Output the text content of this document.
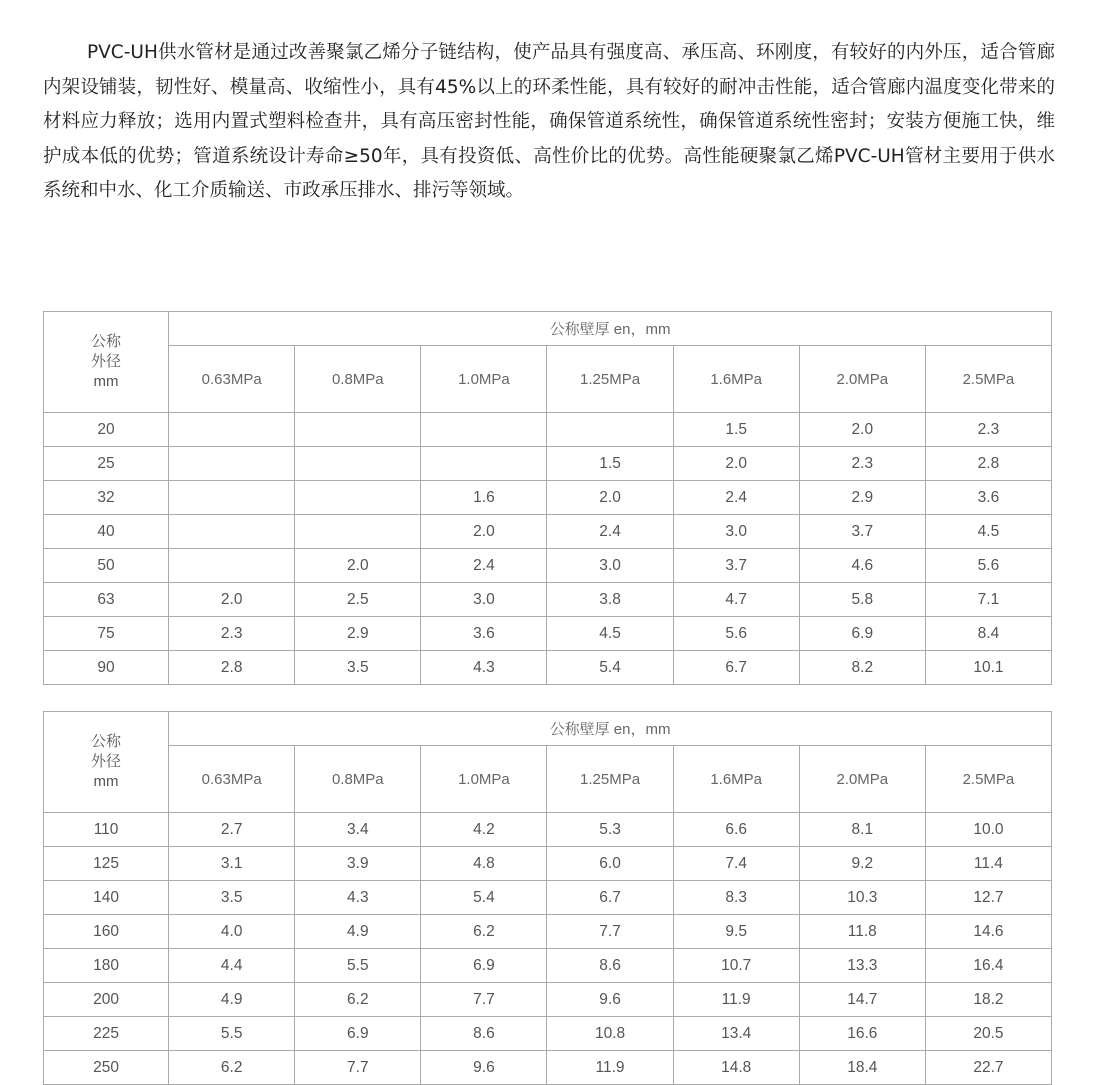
PVC-UH供水管材是通过改善聚氯乙烯分子链结构，使产品具有强度高、承压高、环刚度，有较好的内外压，适合管廊内架设铺装，韧性好、模量高、收缩性小，具有45%以上的环柔性能，具有较好的耐冲击性能，适合管廊内温度变化带来的材料应力释放；选用内置式塑料检查井，具有高压密封性能，确保管道系统性，确保管道系统性密封；安装方便施工快，维护成本低的优势；管道系统设计寿命≥50年，具有投资低、高性价比的优势。高性能硬聚氯乙烯PVC-UH管材主要用于供水系统和中水、化工介质输送、市政承压排水、排污等领域。

公称
外径
mm	公称壁厚 en，mm						
	0.63MPa	0.8MPa	1.0MPa	1.25MPa	1.6MPa	2.0MPa	2.5MPa
20					1.5	2.0	2.3
25				1.5	2.0	2.3	2.8
32			1.6	2.0	2.4	2.9	3.6
40			2.0	2.4	3.0	3.7	4.5
50		2.0	2.4	3.0	3.7	4.6	5.6
63	2.0	2.5	3.0	3.8	4.7	5.8	7.1
75	2.3	2.9	3.6	4.5	5.6	6.9	8.4
90	2.8	3.5	4.3	5.4	6.7	8.2	10.1
公称
外径
mm	公称壁厚 en，mm						
	0.63MPa	0.8MPa	1.0MPa	1.25MPa	1.6MPa	2.0MPa	2.5MPa
110	2.7	3.4	4.2	5.3	6.6	8.1	10.0
125	3.1	3.9	4.8	6.0	7.4	9.2	11.4
140	3.5	4.3	5.4	6.7	8.3	10.3	12.7
160	4.0	4.9	6.2	7.7	9.5	11.8	14.6
180	4.4	5.5	6.9	8.6	10.7	13.3	16.4
200	4.9	6.2	7.7	9.6	11.9	14.7	18.2
225	5.5	6.9	8.6	10.8	13.4	16.6	20.5
250	6.2	7.7	9.6	11.9	14.8	18.4	22.7
